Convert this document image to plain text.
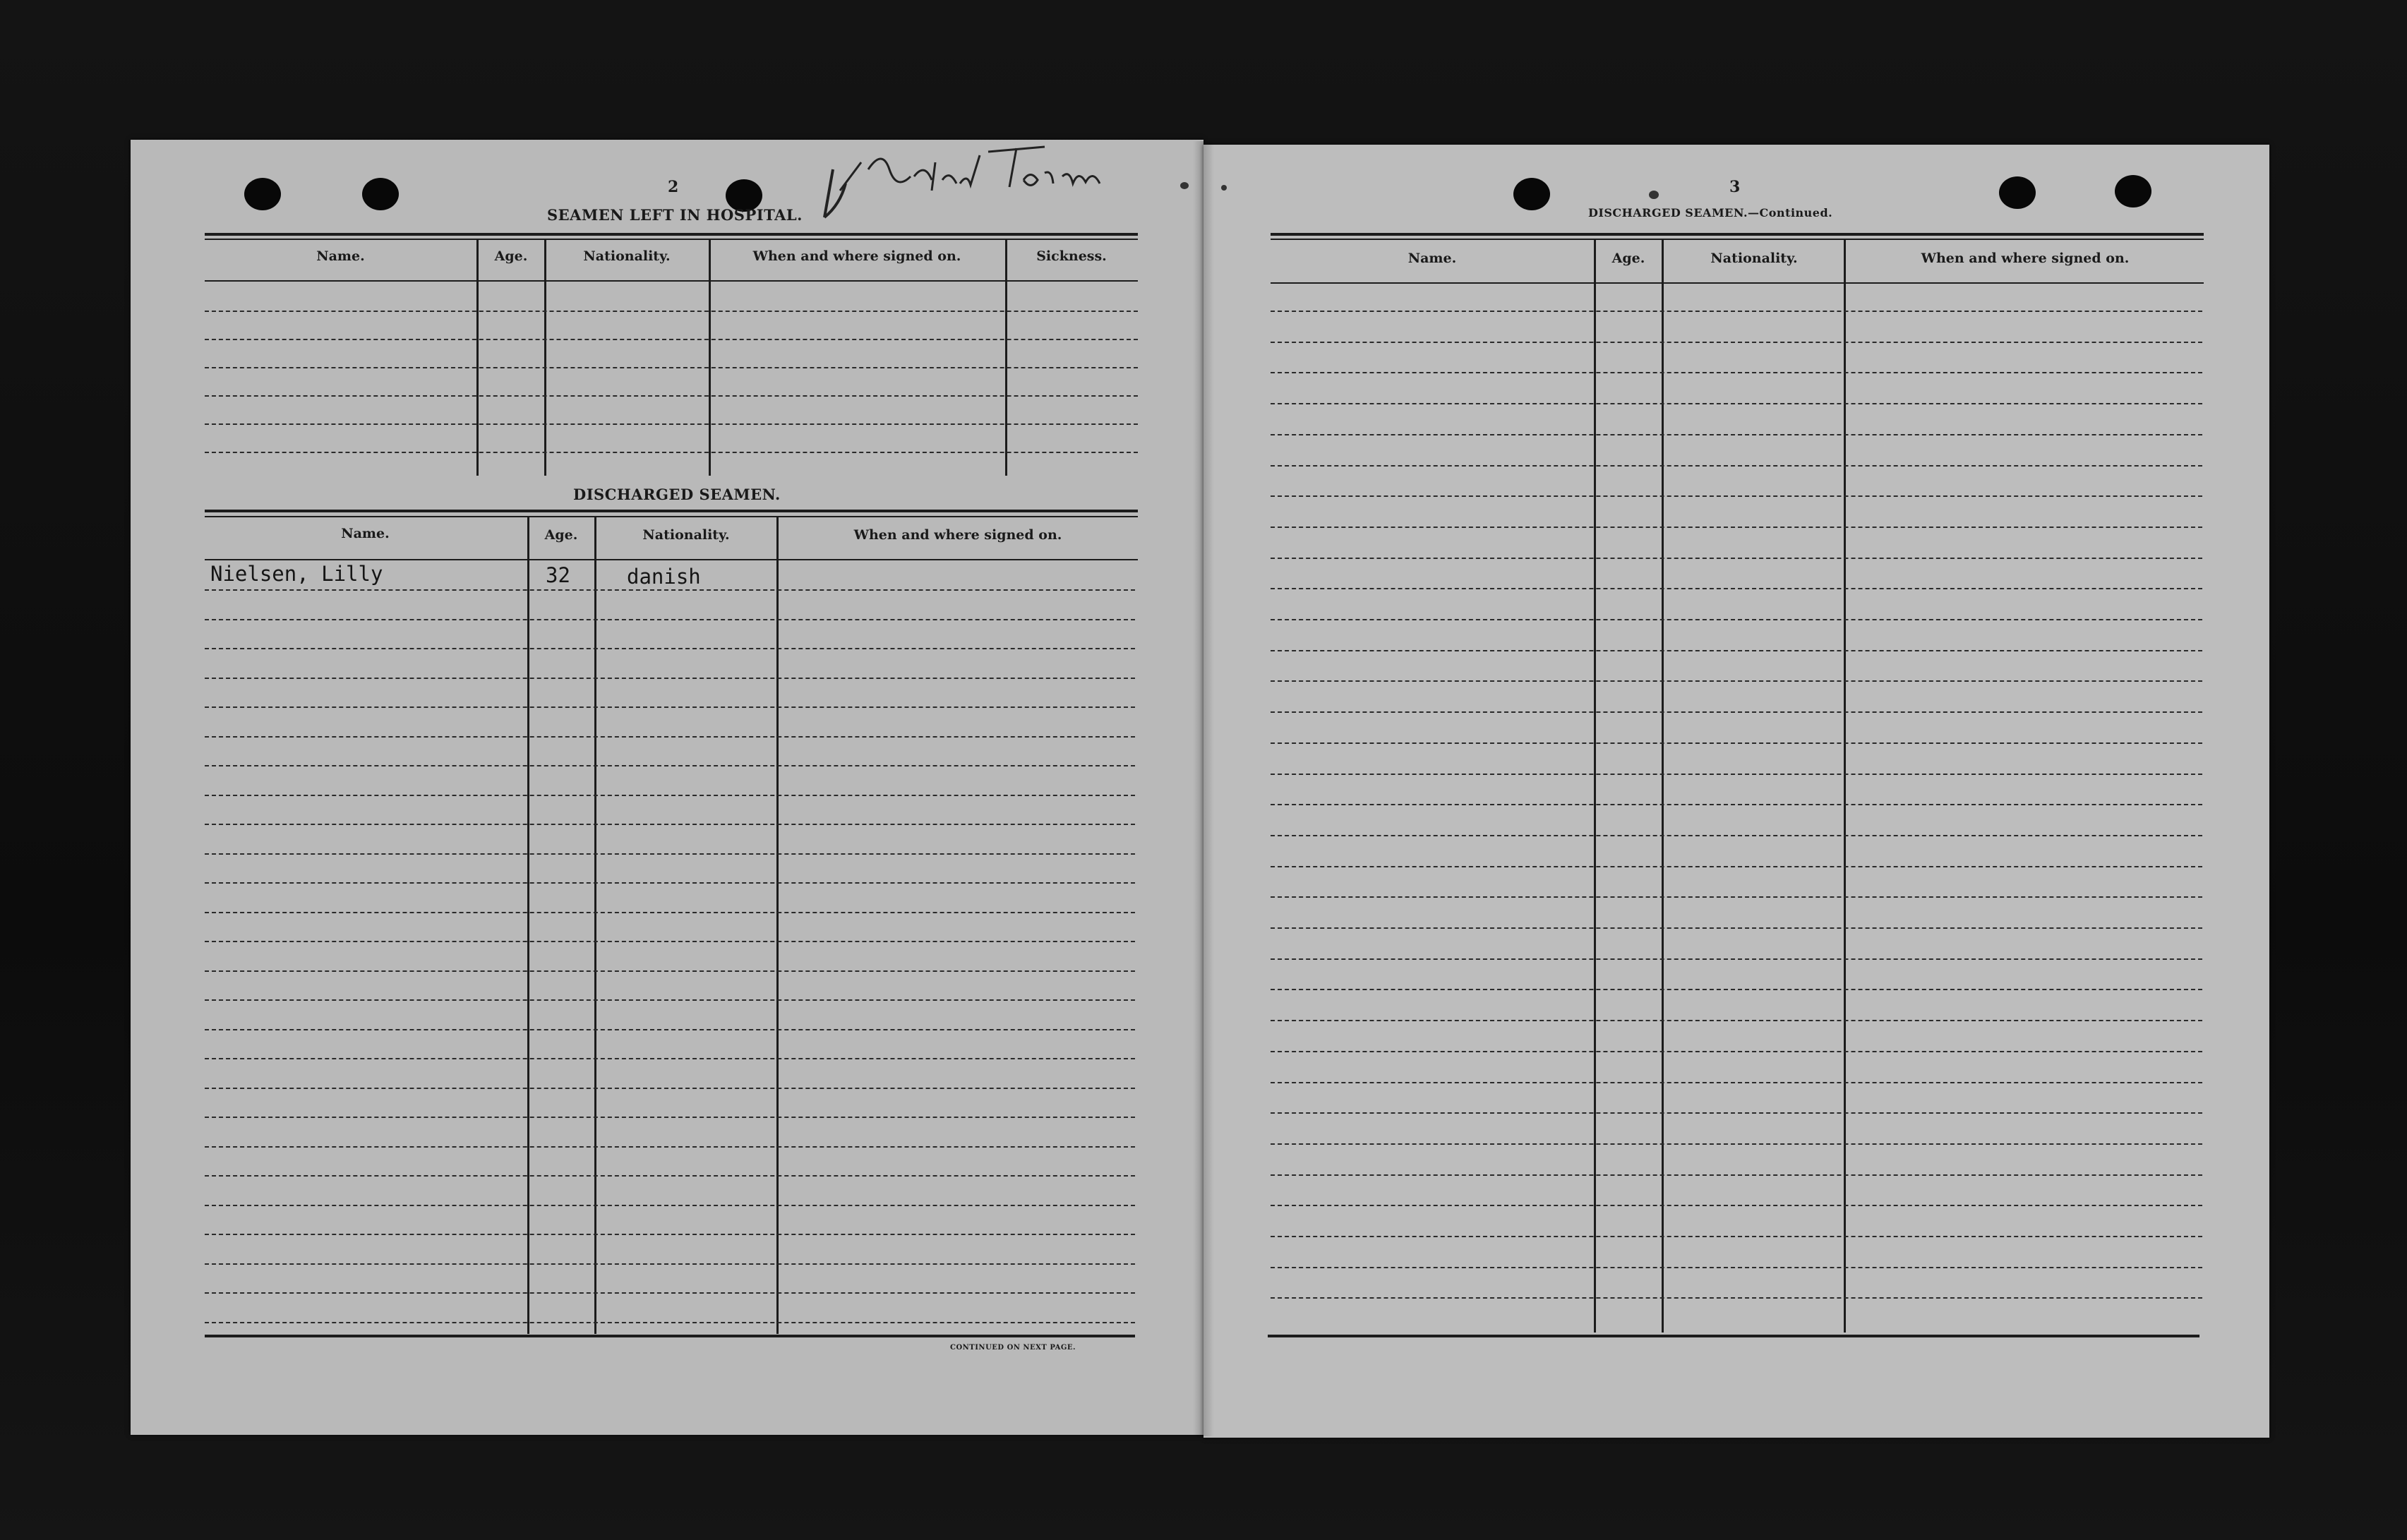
2
SEAMEN LEFT IN HOSPITAL.
Name.	Age.	Nationality.	When and where signed on.	Sickness.
DISCHARGED SEAMEN.
Name.	Age.	Nationality.	When and where signed on.
Nielsen, Lilly	32	danish
CONTINUED ON NEXT PAGE.
3
DISCHARGED SEAMEN.—Continued.
Name.	Age.	Nationality.	When and where signed on.
